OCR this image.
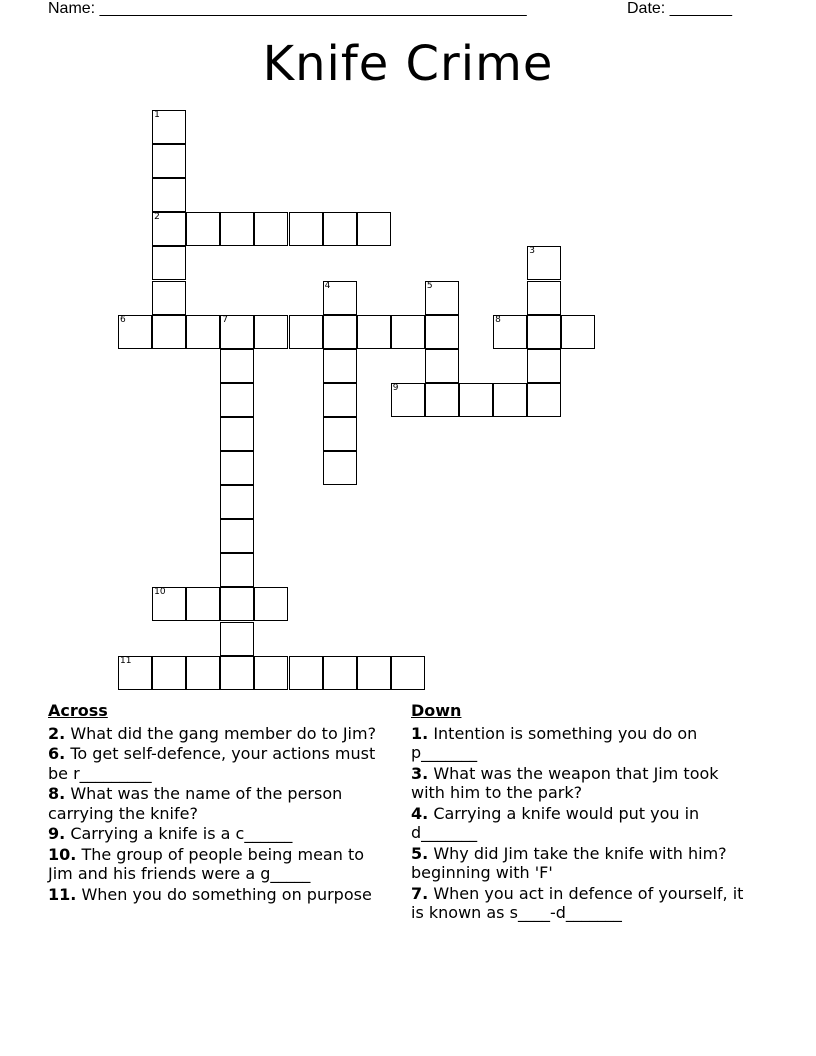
Name: ________________________________________________	Date: _______
Knife Crime
1
2
3
4	5
6	7	8
9
10
11
Across
2. What did the gang member do to Jim?
6. To get self-defence, your actions must be r_________
8. What was the name of the person carrying the knife?
9. Carrying a knife is a c______
10. The group of people being mean to Jim and his friends were a g_____
11. When you do something on purpose
Down
1. Intention is something you do on p_______
3. What was the weapon that Jim took with him to the park?
4. Carrying a knife would put you in d_______
5. Why did Jim take the knife with him? beginning with 'F'
7. When you act in defence of yourself, it is known as s____-d_______
